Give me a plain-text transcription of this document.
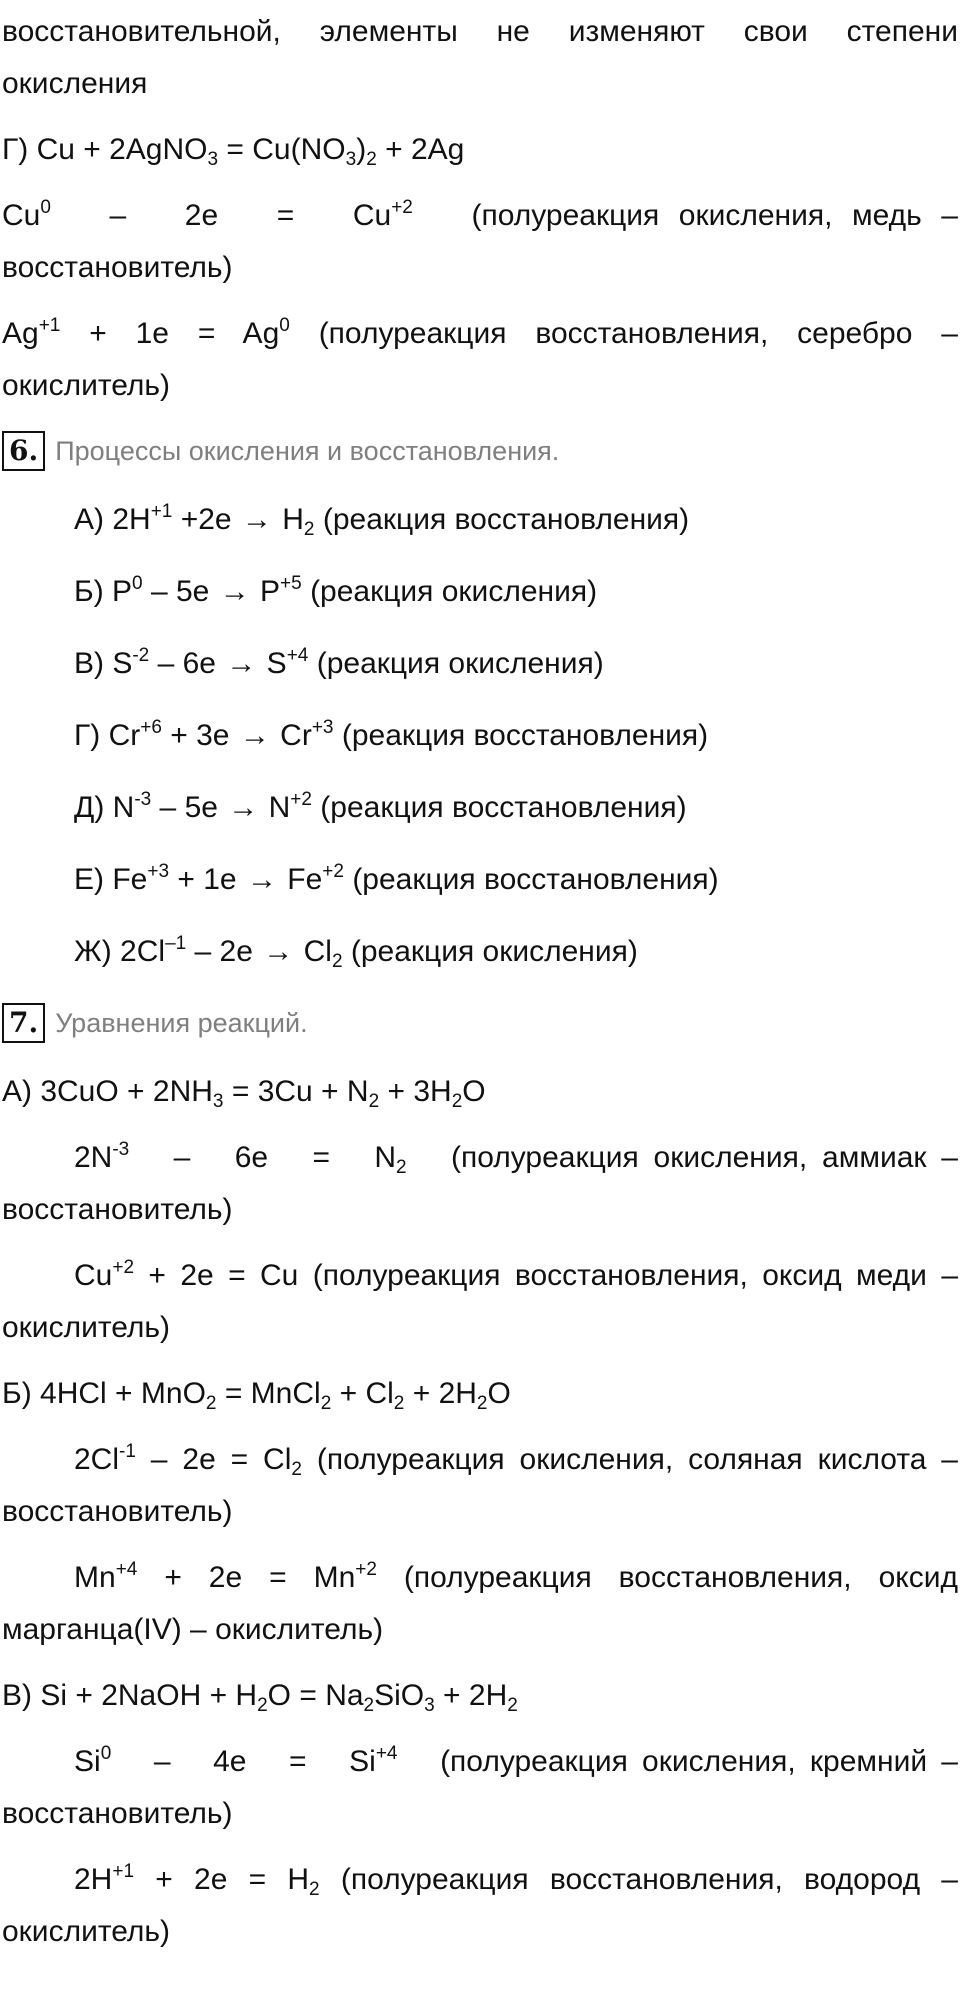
восстановительной, элементы не изменяют свои степени окисления

Г) Cu + 2AgNO$_3$ = $Cu(NO_3)_2 + 2Ag$

$Cu^0 - 2e = Cu^{+2}$ (полуреакция окисления, медь – восстановитель)

$Ag^{+1} + 1e = Ag^0$ (полуреакция восстановления, серебро – окислитель)

6. Процессы окисления и восстановления.
А) $2H^{+1} +2e \to H_2$ (реакция восстановления)
Б) $P^0 - 5e \to P^{+5}$ (реакция окисления)
В) $S^{-2} - 6e \to S^{+4}$ (реакция окисления)
Г) $Cr^{+6} + 3e \to Cr^{+3}$ (реакция восстановления)
Д) $N^{-3} - 5e \to N^{+2}$ (реакция восстановления)
Е) $Fe^{+3} + 1e \to Fe^{+2}$ (реакция восстановления)
Ж) $2Cl^{-1} - 2e \to Cl_2$ (реакция окисления)
7. Уравнения реакций.

А) $3CuO + 2NH_3 = 3Cu + N_2 + 3H_2O$

$2N^{-3} - 6e = N_2$ (полуреакция окисления, аммиак – восстановитель)

$Cu^{+2} + 2e = Cu$ (полуреакция восстановления, оксид меди – окислитель)

Б) 4HCl + MnO$_2$ = MnCl$_2$ + $Cl_2 + 2H_2O$

$2Cl^{-1} - 2e = Cl_2$ (полуреакция окисления, соляная кислота – восстановитель)

$Mn^{+4} + 2e = Mn^{+2}$ (полуреакция восстановления, оксид марганца(IV) – окислитель)

В) Si + 2NaOH + $H_2O = Na_2SiO_3 + 2H_2$

$Si^0 - 4e = Si^{+4}$ (полуреакция окисления, кремний – восстановитель)

$2H^{+1} + 2e = H_2$ (полуреакция восстановления, водород – окислитель)
